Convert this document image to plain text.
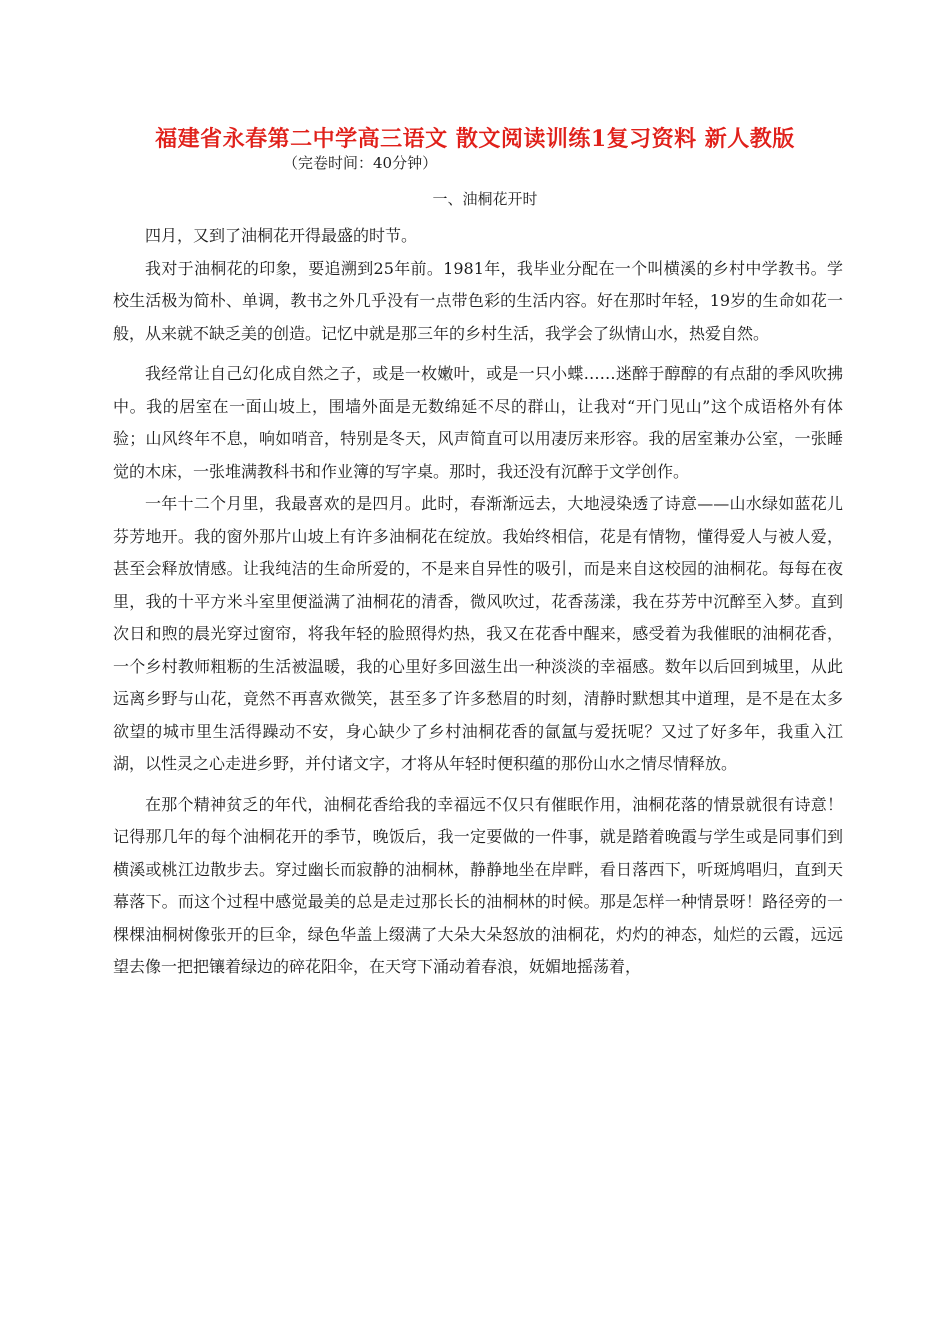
福建省永春第二中学高三语文 散文阅读训练1复习资料 新人教版
（完卷时间：40分钟）
一、油桐花开时

四月，又到了油桐花开得最盛的时节。

我对于油桐花的印象，要追溯到25年前。1981年，我毕业分配在一个叫横溪的乡村中学教书。学校生活极为简朴、单调，教书之外几乎没有一点带色彩的生活内容。好在那时年轻，19岁的生命如花一般，从来就不缺乏美的创造。记忆中就是那三年的乡村生活，我学会了纵情山水，热爱自然。

我经常让自己幻化成自然之子，或是一枚嫩叶，或是一只小蝶……迷醉于醇醇的有点甜的季风吹拂中。我的居室在一面山坡上，围墙外面是无数绵延不尽的群山，让我对“开门见山”这个成语格外有体验；山风终年不息，响如哨音，特别是冬天，风声简直可以用凄厉来形容。我的居室兼办公室，一张睡觉的木床，一张堆满教科书和作业簿的写字桌。那时，我还没有沉醉于文学创作。

一年十二个月里，我最喜欢的是四月。此时，春渐渐远去，大地浸染透了诗意——山水绿如蓝花儿芬芳地开。我的窗外那片山坡上有许多油桐花在绽放。我始终相信，花是有情物，懂得爱人与被人爱，甚至会释放情感。让我纯洁的生命所爱的，不是来自异性的吸引，而是来自这校园的油桐花。每每在夜里，我的十平方米斗室里便溢满了油桐花的清香，微风吹过，花香荡漾，我在芬芳中沉醉至入梦。直到次日和煦的晨光穿过窗帘，将我年轻的脸照得灼热，我又在花香中醒来，感受着为我催眠的油桐花香，一个乡村教师粗粝的生活被温暖，我的心里好多回滋生出一种淡淡的幸福感。数年以后回到城里，从此远离乡野与山花，竟然不再喜欢微笑，甚至多了许多愁眉的时刻，清静时默想其中道理，是不是在太多欲望的城市里生活得躁动不安，身心缺少了乡村油桐花香的氤氲与爱抚呢？又过了好多年，我重入江湖，以性灵之心走进乡野，并付诸文字，才将从年轻时便积蕴的那份山水之情尽情释放。

在那个精神贫乏的年代，油桐花香给我的幸福远不仅只有催眠作用，油桐花落的情景就很有诗意！记得那几年的每个油桐花开的季节，晚饭后，我一定要做的一件事，就是踏着晚霞与学生或是同事们到横溪或桃江边散步去。穿过幽长而寂静的油桐林，静静地坐在岸畔，看日落西下，听斑鸠唱归，直到天幕落下。而这个过程中感觉最美的总是走过那长长的油桐林的时候。那是怎样一种情景呀！路径旁的一棵棵油桐树像张开的巨伞，绿色华盖上缀满了大朵大朵怒放的油桐花，灼灼的神态，灿烂的云霞，远远望去像一把把镶着绿边的碎花阳伞，在天穹下涌动着春浪，妩媚地摇荡着，
